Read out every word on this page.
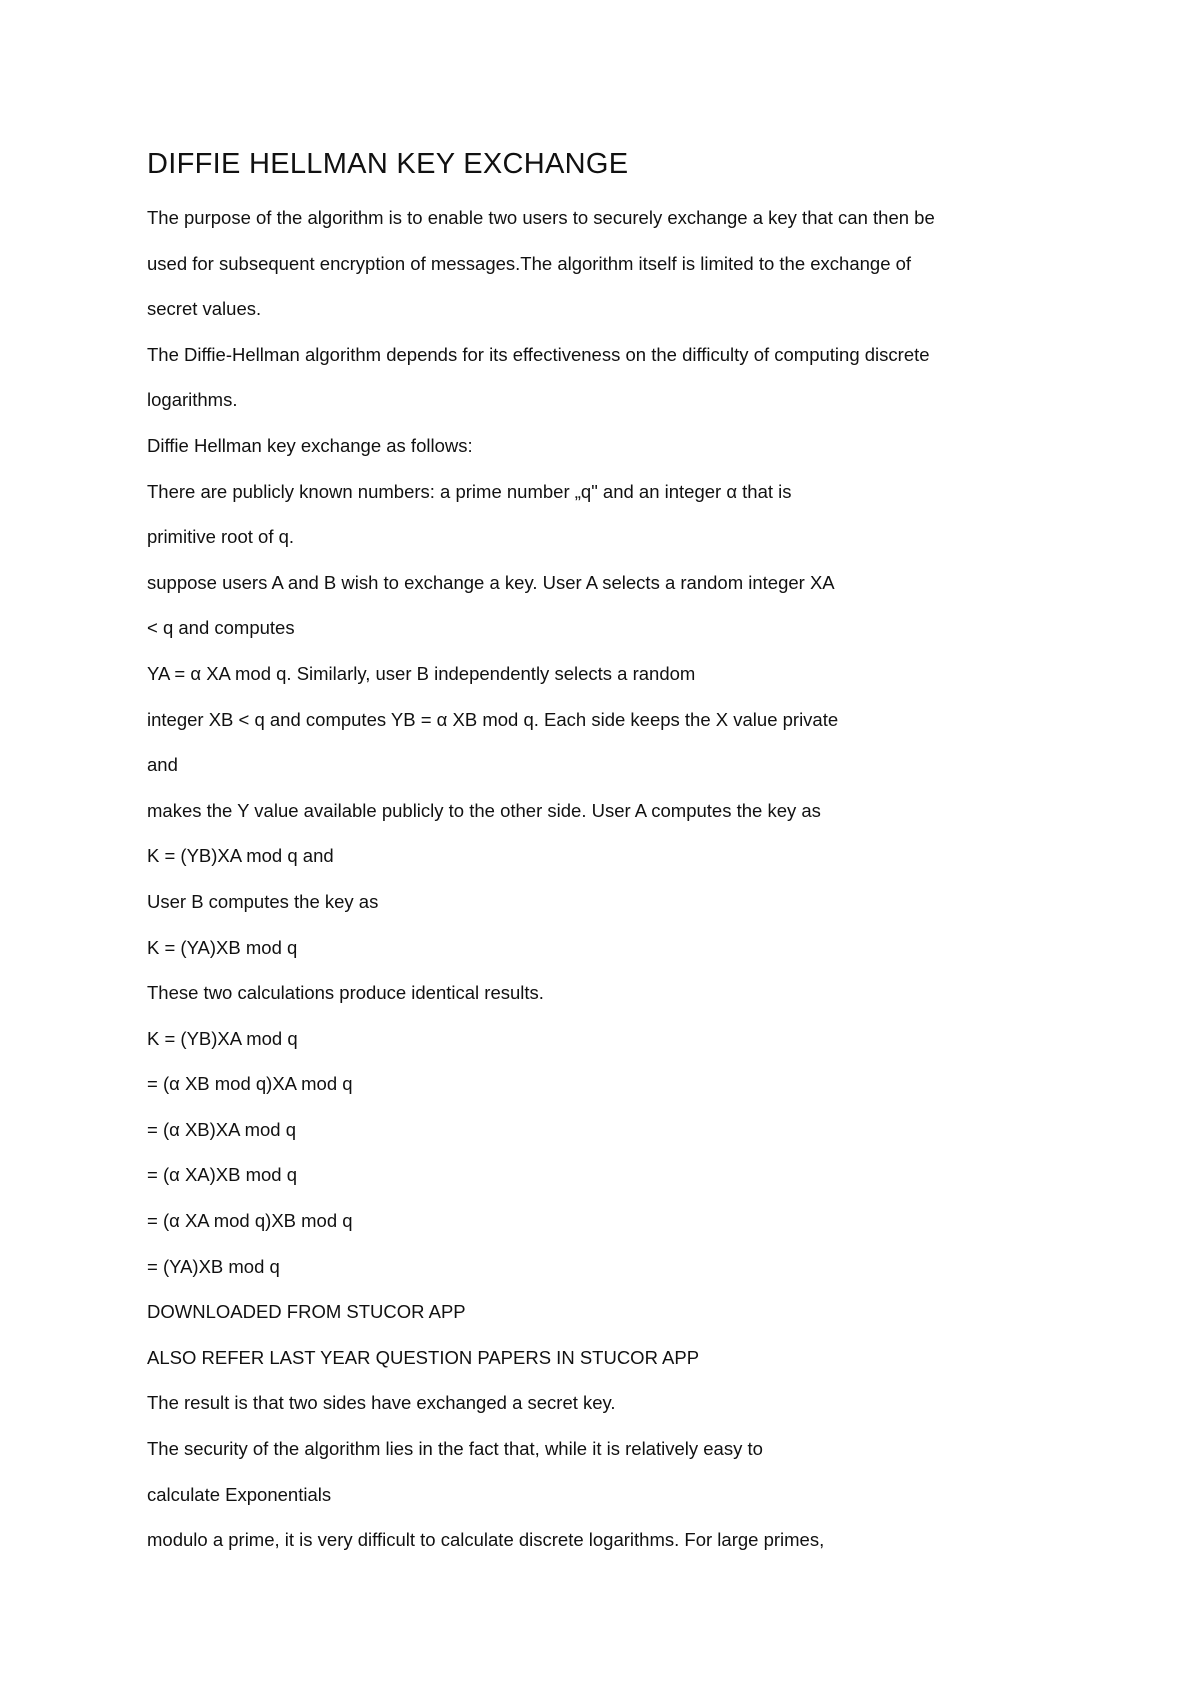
DIFFIE HELLMAN KEY EXCHANGE
The purpose of the algorithm is to enable two users to securely exchange a key that can then be
used for subsequent encryption of messages.The algorithm itself is limited to the exchange of
secret values.
The Diffie-Hellman algorithm depends for its effectiveness on the difficulty of computing discrete
logarithms.
Diffie Hellman key exchange as follows:
There are publicly known numbers: a prime number „q" and an integer α that is
primitive root of q.
suppose users A and B wish to exchange a key. User A selects a random integer XA
< q and computes
YA = α XA mod q. Similarly, user B independently selects a random
integer XB < q and computes YB = α XB mod q. Each side keeps the X value private
and
makes the Y value available publicly to the other side. User A computes the key as
K = (YB)XA mod q and
User B computes the key as
K = (YA)XB mod q
These two calculations produce identical results.
K = (YB)XA mod q
= (α XB mod q)XA mod q
= (α XB)XA mod q
= (α XA)XB mod q
= (α XA mod q)XB mod q
= (YA)XB mod q
DOWNLOADED FROM STUCOR APP
ALSO REFER LAST YEAR QUESTION PAPERS IN STUCOR APP
The result is that two sides have exchanged a secret key.
The security of the algorithm lies in the fact that, while it is relatively easy to
calculate Exponentials
modulo a prime, it is very difficult to calculate discrete logarithms. For large primes,
